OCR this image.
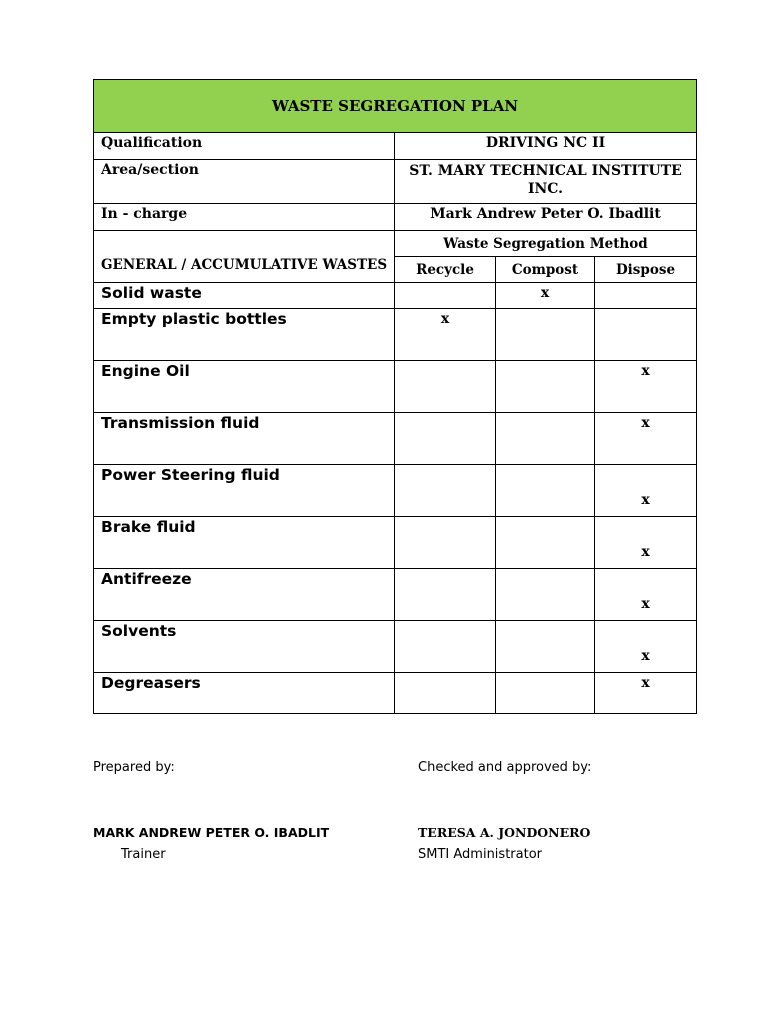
WASTE SEGREGATION PLAN			
Qualification	DRIVING NC II		
Area/section	ST. MARY TECHNICAL INSTITUTE INC.		
In - charge	Mark Andrew Peter O. Ibadlit		
GENERAL / ACCUMULATIVE WASTES	Waste Segregation Method		
	Recycle	Compost	Dispose
Solid waste		x	
Empty plastic bottles	x		
Engine Oil			x
Transmission fluid			x
Power Steering fluid			x
Brake fluid			x
Antifreeze			x
Solvents			x
Degreasers			x
Prepared by:	Checked and approved by:
MARK ANDREW PETER O. IBADLIT	TERESA A. JONDONERO
Trainer	SMTI Administrator
